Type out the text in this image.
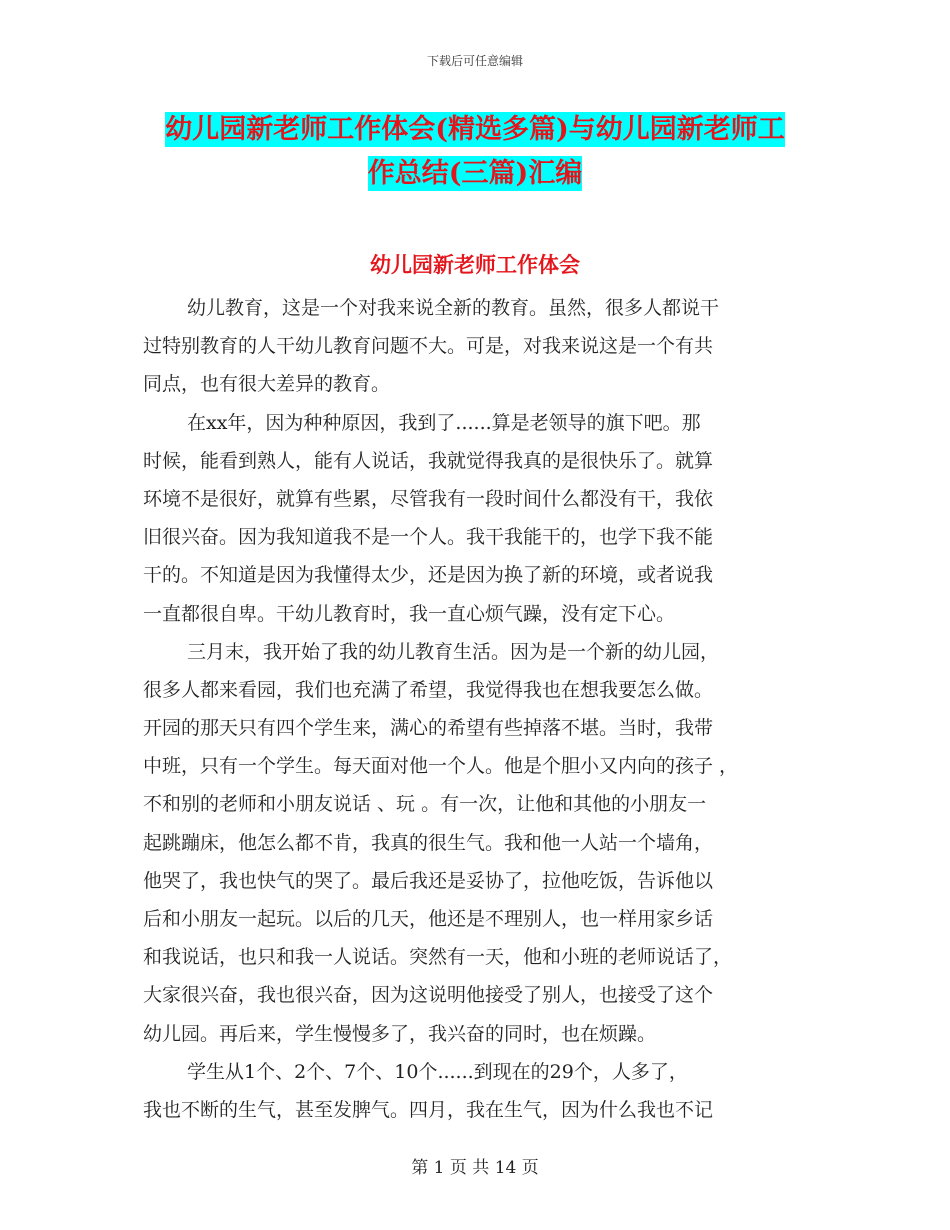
下载后可任意编辑
幼儿园新老师工作体会(精选多篇)与幼儿园新老师工
作总结(三篇)汇编
幼儿园新老师工作体会
幼儿教育，这是一个对我来说全新的教育。虽然，很多人都说干
过特别教育的人干幼儿教育问题不大。可是，对我来说这是一个有共
同点，也有很大差异的教育。
在xx年，因为种种原因，我到了......算是老领导的旗下吧。那
时候，能看到熟人，能有人说话，我就觉得我真的是很快乐了。就算
环境不是很好，就算有些累，尽管我有一段时间什么都没有干，我依
旧很兴奋。因为我知道我不是一个人。我干我能干的，也学下我不能
干的。不知道是因为我懂得太少，还是因为换了新的环境，或者说我
一直都很自卑。干幼儿教育时，我一直心烦气躁，没有定下心。
三月末，我开始了我的幼儿教育生活。因为是一个新的幼儿园，
很多人都来看园，我们也充满了希望，我觉得我也在想我要怎么做。
开园的那天只有四个学生来，满心的希望有些掉落不堪。当时，我带
中班，只有一个学生。每天面对他一个人。他是个胆小又内向的孩子 ，
不和别的老师和小朋友说话 、玩 。有一次，让他和其他的小朋友一
起跳蹦床，他怎么都不肯，我真的很生气。我和他一人站一个墙角，
他哭了，我也快气的哭了。最后我还是妥协了，拉他吃饭，告诉他以
后和小朋友一起玩。以后的几天，他还是不理别人，也一样用家乡话
和我说话，也只和我一人说话。突然有一天，他和小班的老师说话了，
大家很兴奋，我也很兴奋，因为这说明他接受了别人，也接受了这个
幼儿园。再后来，学生慢慢多了，我兴奋的同时，也在烦躁。
学生从1个、2个、7个、10个......到现在的29个，人多了，
我也不断的生气，甚至发脾气。四月，我在生气，因为什么我也不记
第 1 页 共 14 页
